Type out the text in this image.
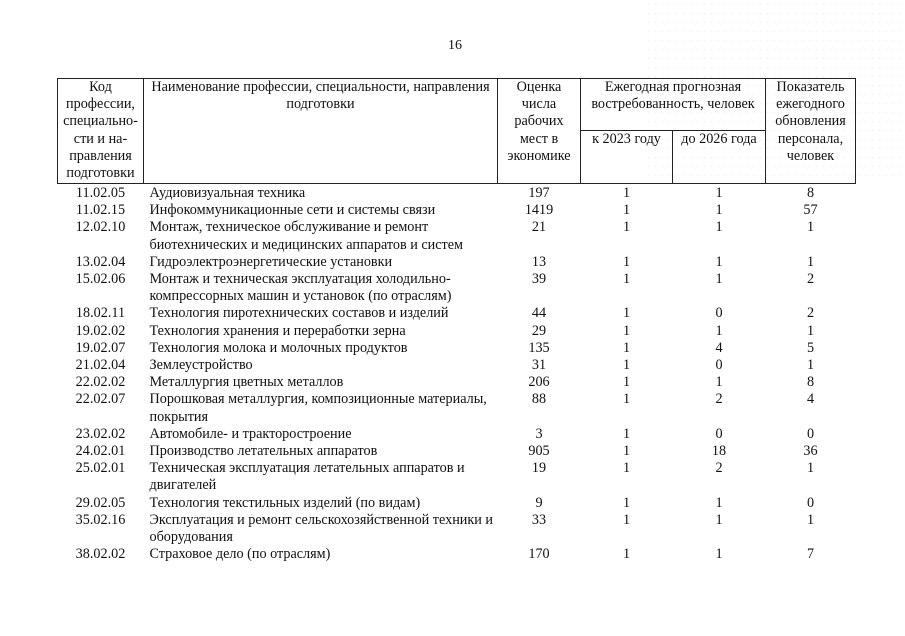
16
Код профессии, специально-сти и на-правления подготовки	Наименование профессии, специальности, направления подготовки	Оценка числа рабочих мест в экономике	Ежегодная прогнозная востребованность, человек		Показатель ежегодного обновления персонала, человек
			к 2023 году	до 2026 года	
11.02.05	Аудиовизуальная техника	197	1	1	8
11.02.15	Инфокоммуникационные сети и системы связи	1419	1	1	57
12.02.10	Монтаж, техническое обслуживание и ремонт биотехнических и медицинских аппаратов и систем	21	1	1	1
13.02.04	Гидроэлектроэнергетические установки	13	1	1	1
15.02.06	Монтаж и техническая эксплуатация холодильно-компрессорных машин и установок (по отраслям)	39	1	1	2
18.02.11	Технология пиротехнических составов и изделий	44	1	0	2
19.02.02	Технология хранения и переработки зерна	29	1	1	1
19.02.07	Технология молока и молочных продуктов	135	1	4	5
21.02.04	Землеустройство	31	1	0	1
22.02.02	Металлургия цветных металлов	206	1	1	8
22.02.07	Порошковая металлургия, композиционные материалы, покрытия	88	1	2	4
23.02.02	Автомобиле- и тракторостроение	3	1	0	0
24.02.01	Производство летательных аппаратов	905	1	18	36
25.02.01	Техническая эксплуатация летательных аппаратов и двигателей	19	1	2	1
29.02.05	Технология текстильных изделий (по видам)	9	1	1	0
35.02.16	Эксплуатация и ремонт сельскохозяйственной техники и оборудования	33	1	1	1
38.02.02	Страховое дело (по отраслям)	170	1	1	7
